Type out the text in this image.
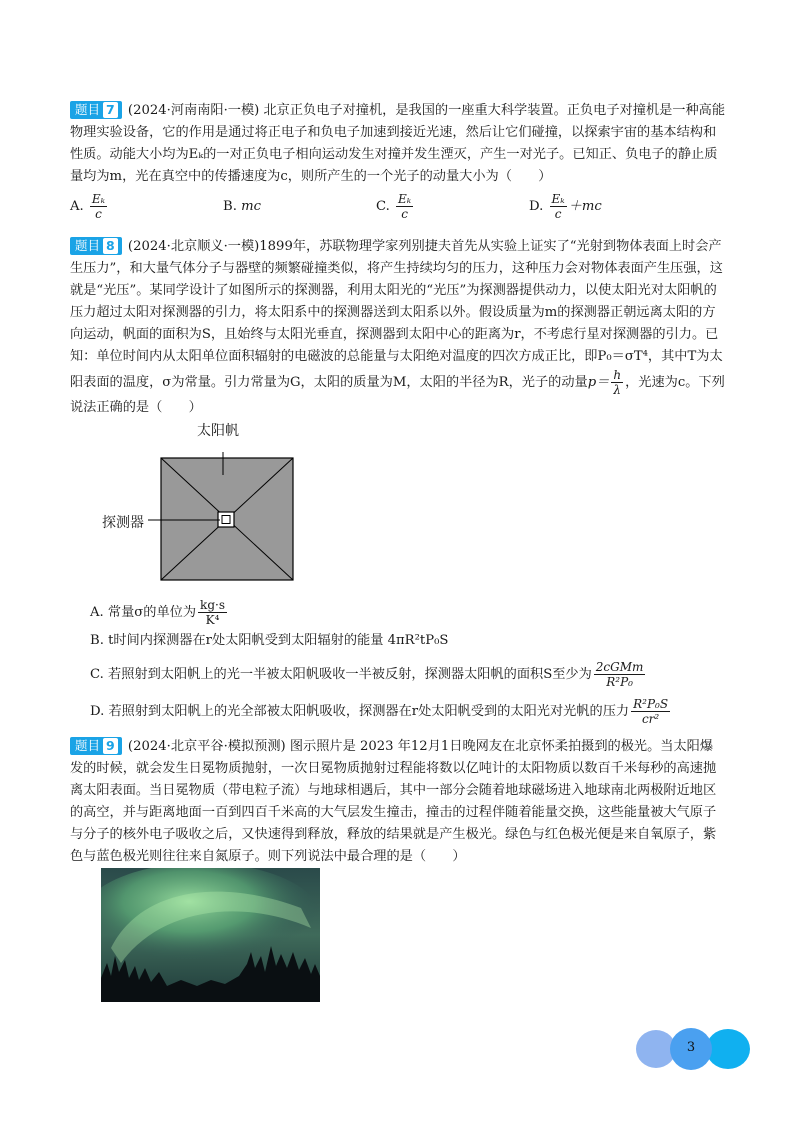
题目 7 (2024·河南南阳·一模) 北京正负电子对撞机，是我国的一座重大科学装置。正负电子对撞机是一种高能物理实验设备，它的作用是通过将正电子和负电子加速到接近光速，然后让它们碰撞，以探索宇宙的基本结构和性质。动能大小均为Eₖ的一对正负电子相向运动发生对撞并发生湮灭，产生一对光子。已知正、负电子的静止质量均为m，光在真空中的传播速度为c，则所产生的一个光子的动量大小为（　　）

A.
$\frac{\text{Eₖ}}{c}$	B.
mc	C.
$\frac{\text{Eₖ}}{c}$	D.
$\frac{\text{Eₖ}}{c} +mc$

题目 8 (2024·北京顺义·一模)1899年，苏联物理学家列别捷夫首先从实验上证实了“光射到物体表面上时会产生压力”，和大量气体分子与器壁的频繁碰撞类似，将产生持续均匀的压力，这种压力会对物体表面产生压强，这就是“光压”。某同学设计了如图所示的探测器，利用太阳光的“光压”为探测器提供动力，以使太阳光对太阳帆的压力超过太阳对探测器的引力，将太阳系中的探测器送到太阳系以外。假设质量为m的探测器正朝远离太阳的方向运动，帆面的面积为S，且始终与太阳光垂直，探测器到太阳中心的距离为r，不考虑行星对探测器的引力。已知：单位时间内从太阳单位面积辐射的电磁波的总能量与太阳绝对温度的四次方成正比，即P₀＝σT⁴，其中T为太阳表面的温度，σ为常量。引力常量为G，太阳的质量为M，太阳的半径为R，光子的动量$p= \frac{h}{\lambda}$ ，光速为c。下列说法正确的是（　　）

太阳帆
探测器
A. 常量σ的单位为 $\frac{kg\cdot s}{\text{K⁴}}$
B. t时间内探测器在r处太阳帆受到太阳辐射的能量 4πR²tP₀S
C. 若照射到太阳帆上的光一半被太阳帆吸收一半被反射，探测器太阳帆的面积S至少为 $\frac{\text{2cGMm}}{\text{R²P₀}}$
D. 若照射到太阳帆上的光全部被太阳帆吸收，探测器在r处太阳帆受到的太阳光对光帆的压力 $\frac{\text{R²P₀S}}{\text{cr²}}$

题目 9 (2024·北京平谷·模拟预测) 图示照片是 2023 年12月1日晚网友在北京怀柔拍摄到的极光。当太阳爆发的时候，就会发生日冕物质抛射，一次日冕物质抛射过程能将数以亿吨计的太阳物质以数百千米每秒的高速抛离太阳表面。当日冕物质（带电粒子流）与地球相遇后，其中一部分会随着地球磁场进入地球南北两极附近地区的高空，并与距离地面一百到四百千米高的大气层发生撞击，撞击的过程伴随着能量交换，这些能量被大气原子与分子的核外电子吸收之后，又快速得到释放，释放的结果就是产生极光。绿色与红色极光便是来自氧原子，紫色与蓝色极光则往往来自氮原子。则下列说法中最合理的是（　　）

3
